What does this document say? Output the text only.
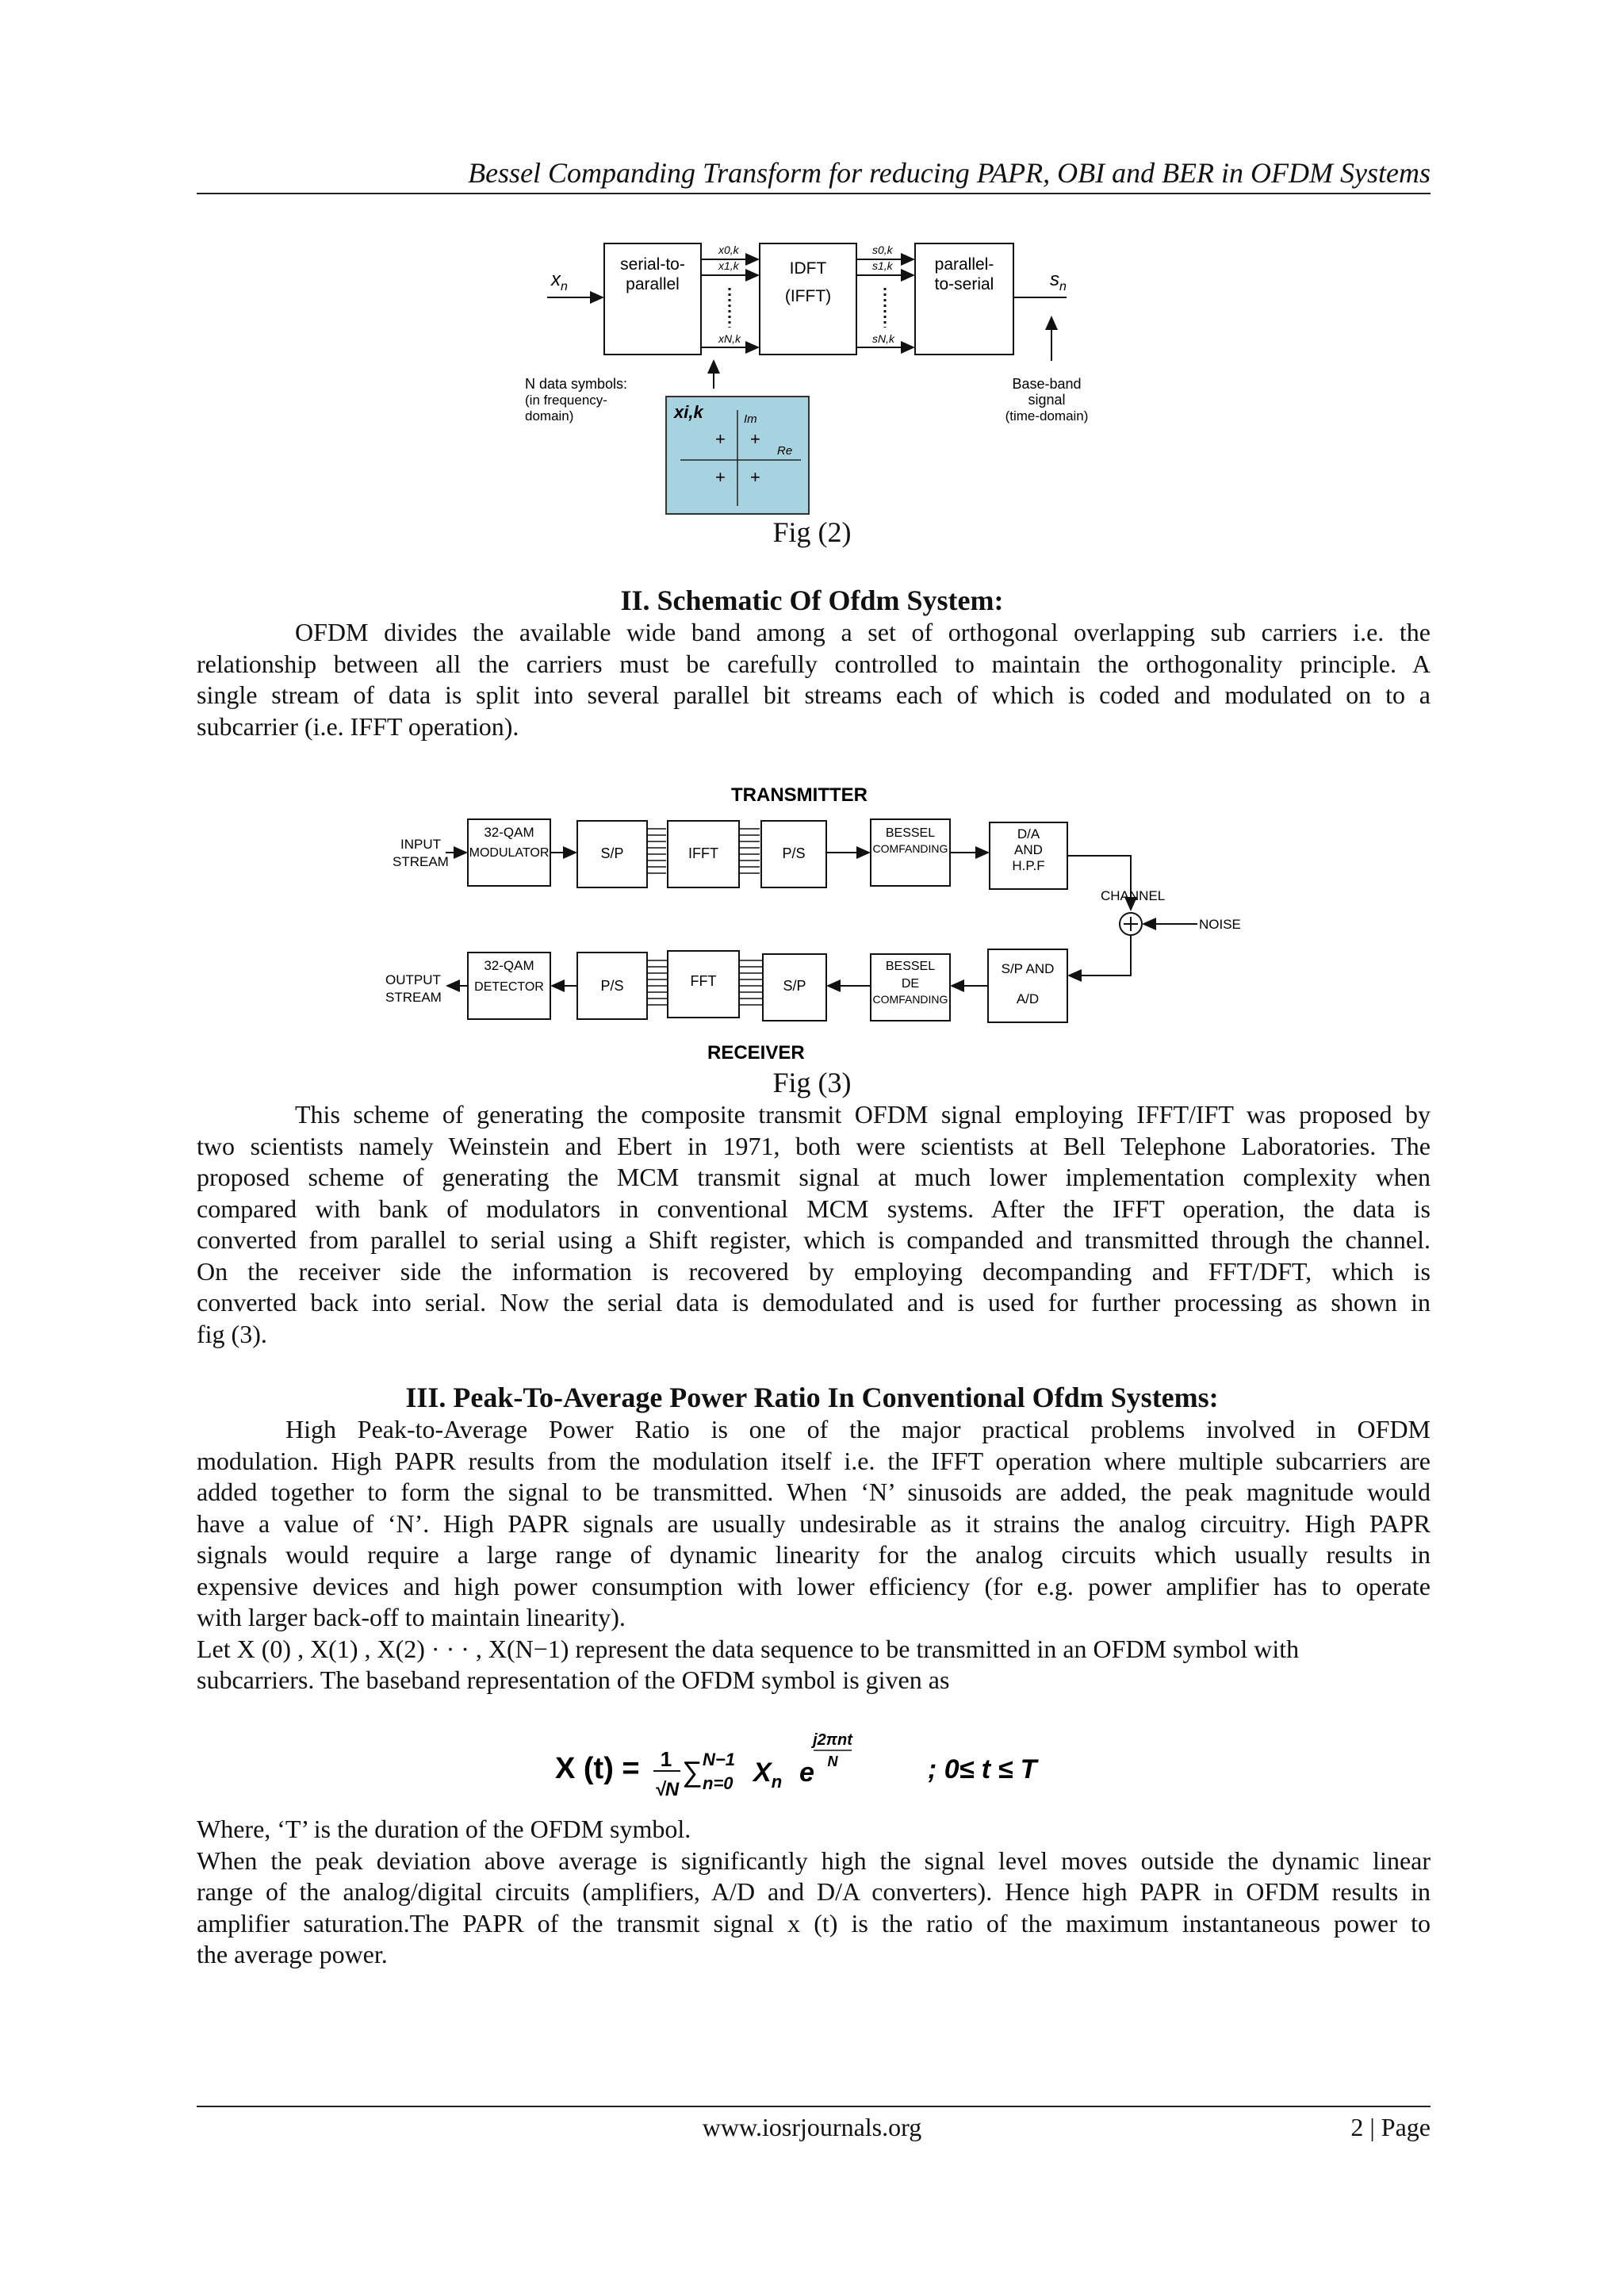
Bessel Companding Transform for reducing PAPR, OBI and BER in OFDM Systems
$x_n$
serial-to-
parallel
x0,k
x1,k
xN,k
IDFT
(IFFT)
s0,k
s1,k
sN,k
parallel-
to-serial	$s_n$
N data symbols:
(in frequency-
domain)
Base-band
signal
(time-domain)
xi,k	Im
Re
+ +
+ +
Fig (2)
II. Schematic Of Ofdm System:

OFDM divides the available wide band among a set of orthogonal overlapping sub carriers i.e. the

relationship between all the carriers must be carefully controlled to maintain the orthogonality principle. A

single stream of data is split into several parallel bit streams each of which is coded and modulated on to a

subcarrier (i.e. IFFT operation).

TRANSMITTER
RECEIVER
INPUT
STREAM
32-QAM
MODULATOR	S/P	IFFT	P/S
BESSEL
COMFANDING
D/A
AND
H.P.F
CHANNEL
NOISE
S/P AND
A/D
BESSEL
DE
COMFANDING
S/P
FFT
P/S
32-QAM
DETECTOR
OUTPUT
STREAM
Fig (3)

This scheme of generating the composite transmit OFDM signal employing IFFT/IFT was proposed by

two scientists namely Weinstein and Ebert in 1971, both were scientists at Bell Telephone Laboratories. The

proposed scheme of generating the MCM transmit signal at much lower implementation complexity when

compared with bank of modulators in conventional MCM systems. After the IFFT operation, the data is

converted from parallel to serial using a Shift register, which is companded and transmitted through the channel.

On the receiver side the information is recovered by employing decompanding and FFT/DFT, which is

converted back into serial. Now the serial data is demodulated and is used for further processing as shown in

fig (3).

III. Peak-To-Average Power Ratio In Conventional Ofdm Systems:

High Peak-to-Average Power Ratio is one of the major practical problems involved in OFDM

modulation. High PAPR results from the modulation itself i.e. the IFFT operation where multiple subcarriers are

added together to form the signal to be transmitted. When ‘N’ sinusoids are added, the peak magnitude would

have a value of ‘N’. High PAPR signals are usually undesirable as it strains the analog circuitry. High PAPR

signals would require a large range of dynamic linearity for the analog circuits which usually results in

expensive devices and high power consumption with lower efficiency (for e.g. power amplifier has to operate

with larger back-off to maintain linearity).

Let X (0) , X(1) , X(2) · · · , X(N−1) represent the data sequence to be transmitted in an OFDM symbol with

subcarriers. The baseband representation of the OFDM symbol is given as

X (t) = 1
√N
∑ N−1
n=0 $X_n$ e
j2πnt
N	; 0≤ t ≤ T

Where, ‘T’ is the duration of the OFDM symbol.

When the peak deviation above average is significantly high the signal level moves outside the dynamic linear

range of the analog/digital circuits (amplifiers, A/D and D/A converters). Hence high PAPR in OFDM results in

amplifier saturation.The PAPR of the transmit signal x (t) is the ratio of the maximum instantaneous power to

the average power.

www.iosrjournals.org	2 | Page
